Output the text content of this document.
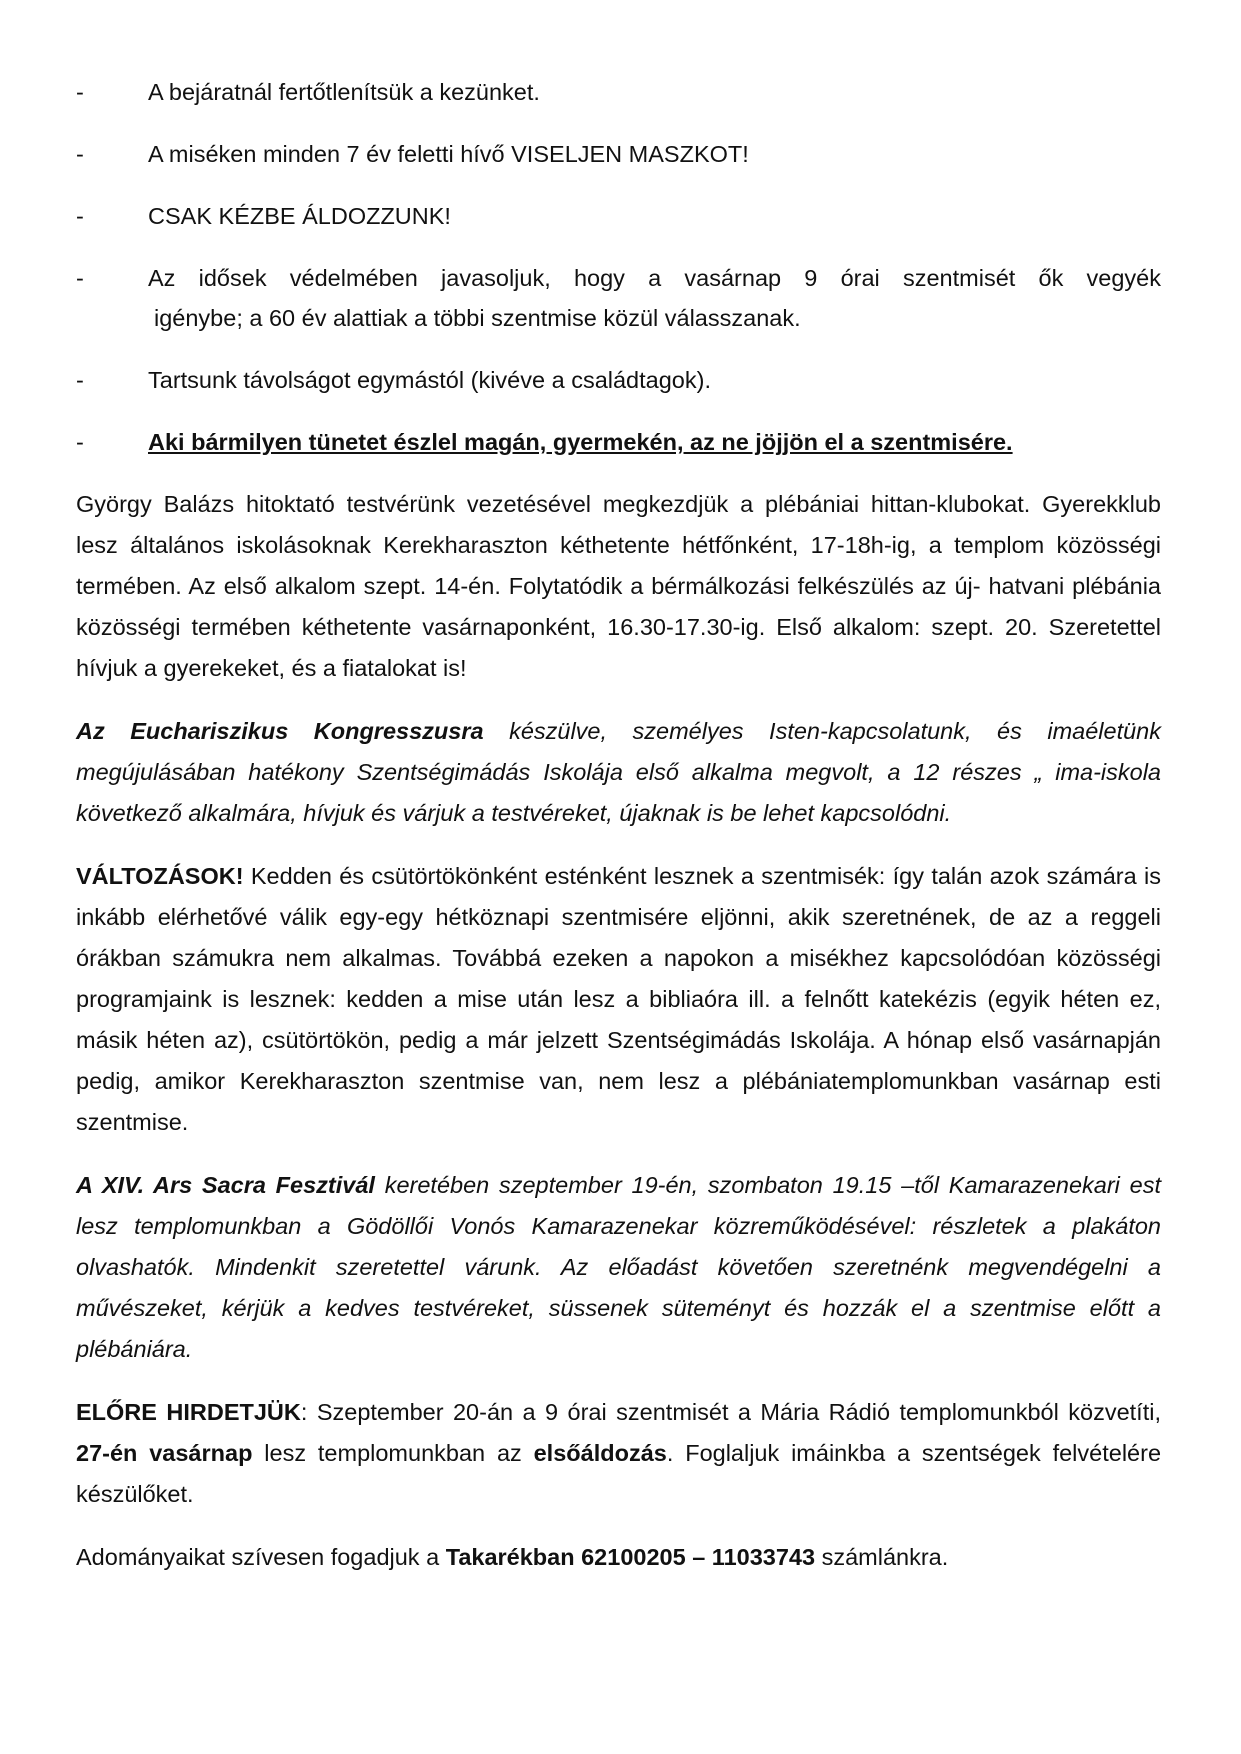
-	A bejáratnál fertőtlenítsük a kezünket.
-	A miséken minden 7 év feletti hívő VISELJEN MASZKOT!
-	CSAK KÉZBE ÁLDOZZUNK!
-	Az idősek védelmében javasoljuk, hogy a vasárnap 9 órai szentmisét ők vegyék
igénybe; a 60 év alattiak a többi szentmise közül válasszanak.
-	Tartsunk távolságot egymástól (kivéve a családtagok).
-	Aki bármilyen tünetet észlel magán, gyermekén, az ne jöjjön el a szentmisére.

György Balázs hitoktató testvérünk vezetésével megkezdjük a plébániai hittan-klubokat. Gyerekklub lesz általános iskolásoknak Kerekharaszton kéthetente hétfőnként, 17-18h-ig, a templom közösségi termében. Az első alkalom szept. 14-én. Folytatódik a bérmálkozási felkészülés az új- hatvani plébánia közösségi termében kéthetente vasárnaponként, 16.30-17.30-ig. Első alkalom: szept. 20. Szeretettel hívjuk a gyerekeket, és a fiatalokat is!

Az Euchariszikus Kongresszusra készülve, személyes Isten-kapcsolatunk, és imaéletünk megújulásában hatékony Szentségimádás Iskolája első alkalma megvolt, a 12 részes „ ima-iskola következő alkalmára, hívjuk és várjuk a testvéreket, újaknak is be lehet kapcsolódni.

VÁLTOZÁSOK! Kedden és csütörtökönként esténként lesznek a szentmisék: így talán azok számára is inkább elérhetővé válik egy-egy hétköznapi szentmisére eljönni, akik szeretnének, de az a reggeli órákban számukra nem alkalmas. Továbbá ezeken a napokon a misékhez kapcsolódóan közösségi programjaink is lesznek: kedden a mise után lesz a bibliaóra ill. a felnőtt katekézis (egyik héten ez, másik héten az), csütörtökön, pedig a már jelzett Szentségimádás Iskolája. A hónap első vasárnapján pedig, amikor Kerekharaszton szentmise van, nem lesz a plébániatemplomunkban vasárnap esti szentmise.

A XIV. Ars Sacra Fesztivál keretében szeptember 19-én, szombaton 19.15 –től Kamarazenekari est lesz templomunkban a Gödöllői Vonós Kamarazenekar közreműködésével: részletek a plakáton olvashatók. Mindenkit szeretettel várunk. Az előadást követően szeretnénk megvendégelni a művészeket, kérjük a kedves testvéreket, süssenek süteményt és hozzák el a szentmise előtt a plébániára.

ELŐRE HIRDETJÜK: Szeptember 20-án a 9 órai szentmisét a Mária Rádió templomunkból közvetíti, 27-én vasárnap lesz templomunkban az elsőáldozás. Foglaljuk imáinkba a szentségek felvételére készülőket.

Adományaikat szívesen fogadjuk a Takarékban 62100205 – 11033743 számlánkra.
